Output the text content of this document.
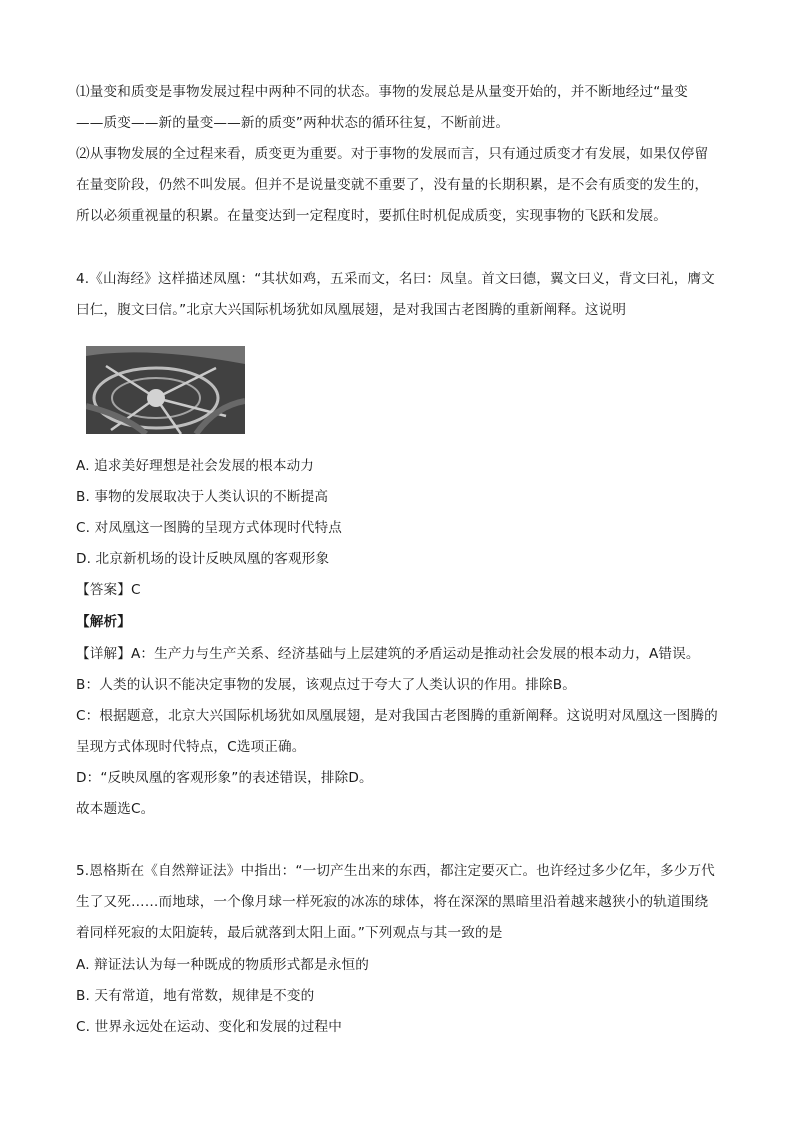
⑴量变和质变是事物发展过程中两种不同的状态。事物的发展总是从量变开始的，并不断地经过“量变
——质变——新的量变——新的质变”两种状态的循环往复，不断前进。
⑵从事物发展的全过程来看，质变更为重要。对于事物的发展而言，只有通过质变才有发展，如果仅停留
在量变阶段，仍然不叫发展。但并不是说量变就不重要了，没有量的长期积累，是不会有质变的发生的，
所以必须重视量的积累。在量变达到一定程度时，要抓住时机促成质变，实现事物的飞跃和发展。
4.《山海经》这样描述凤凰：“其状如鸡，五采而文，名曰：凤皇。首文曰德，翼文曰义，背文曰礼，膺文
曰仁，腹文曰信。”北京大兴国际机场犹如凤凰展翅，是对我国古老图腾的重新阐释。这说明
A. 追求美好理想是社会发展的根本动力
B. 事物的发展取决于人类认识的不断提高
C. 对凤凰这一图腾的呈现方式体现时代特点
D. 北京新机场的设计反映凤凰的客观形象
【答案】C
【解析】
【详解】A：生产力与生产关系、经济基础与上层建筑的矛盾运动是推动社会发展的根本动力，A错误。
B：人类的认识不能决定事物的发展，该观点过于夸大了人类认识的作用。排除B。
C：根据题意，北京大兴国际机场犹如凤凰展翅，是对我国古老图腾的重新阐释。这说明对凤凰这一图腾的
呈现方式体现时代特点，C选项正确。
D：“反映凤凰的客观形象”的表述错误，排除D。
故本题选C。
5.恩格斯在《自然辩证法》中指出：“一切产生出来的东西，都注定要灭亡。也许经过多少亿年，多少万代
生了又死……而地球，一个像月球一样死寂的冰冻的球体，将在深深的黑暗里沿着越来越狭小的轨道围绕
着同样死寂的太阳旋转，最后就落到太阳上面。”下列观点与其一致的是
A. 辩证法认为每一种既成的物质形式都是永恒的
B. 天有常道，地有常数，规律是不变的
C. 世界永远处在运动、变化和发展的过程中
